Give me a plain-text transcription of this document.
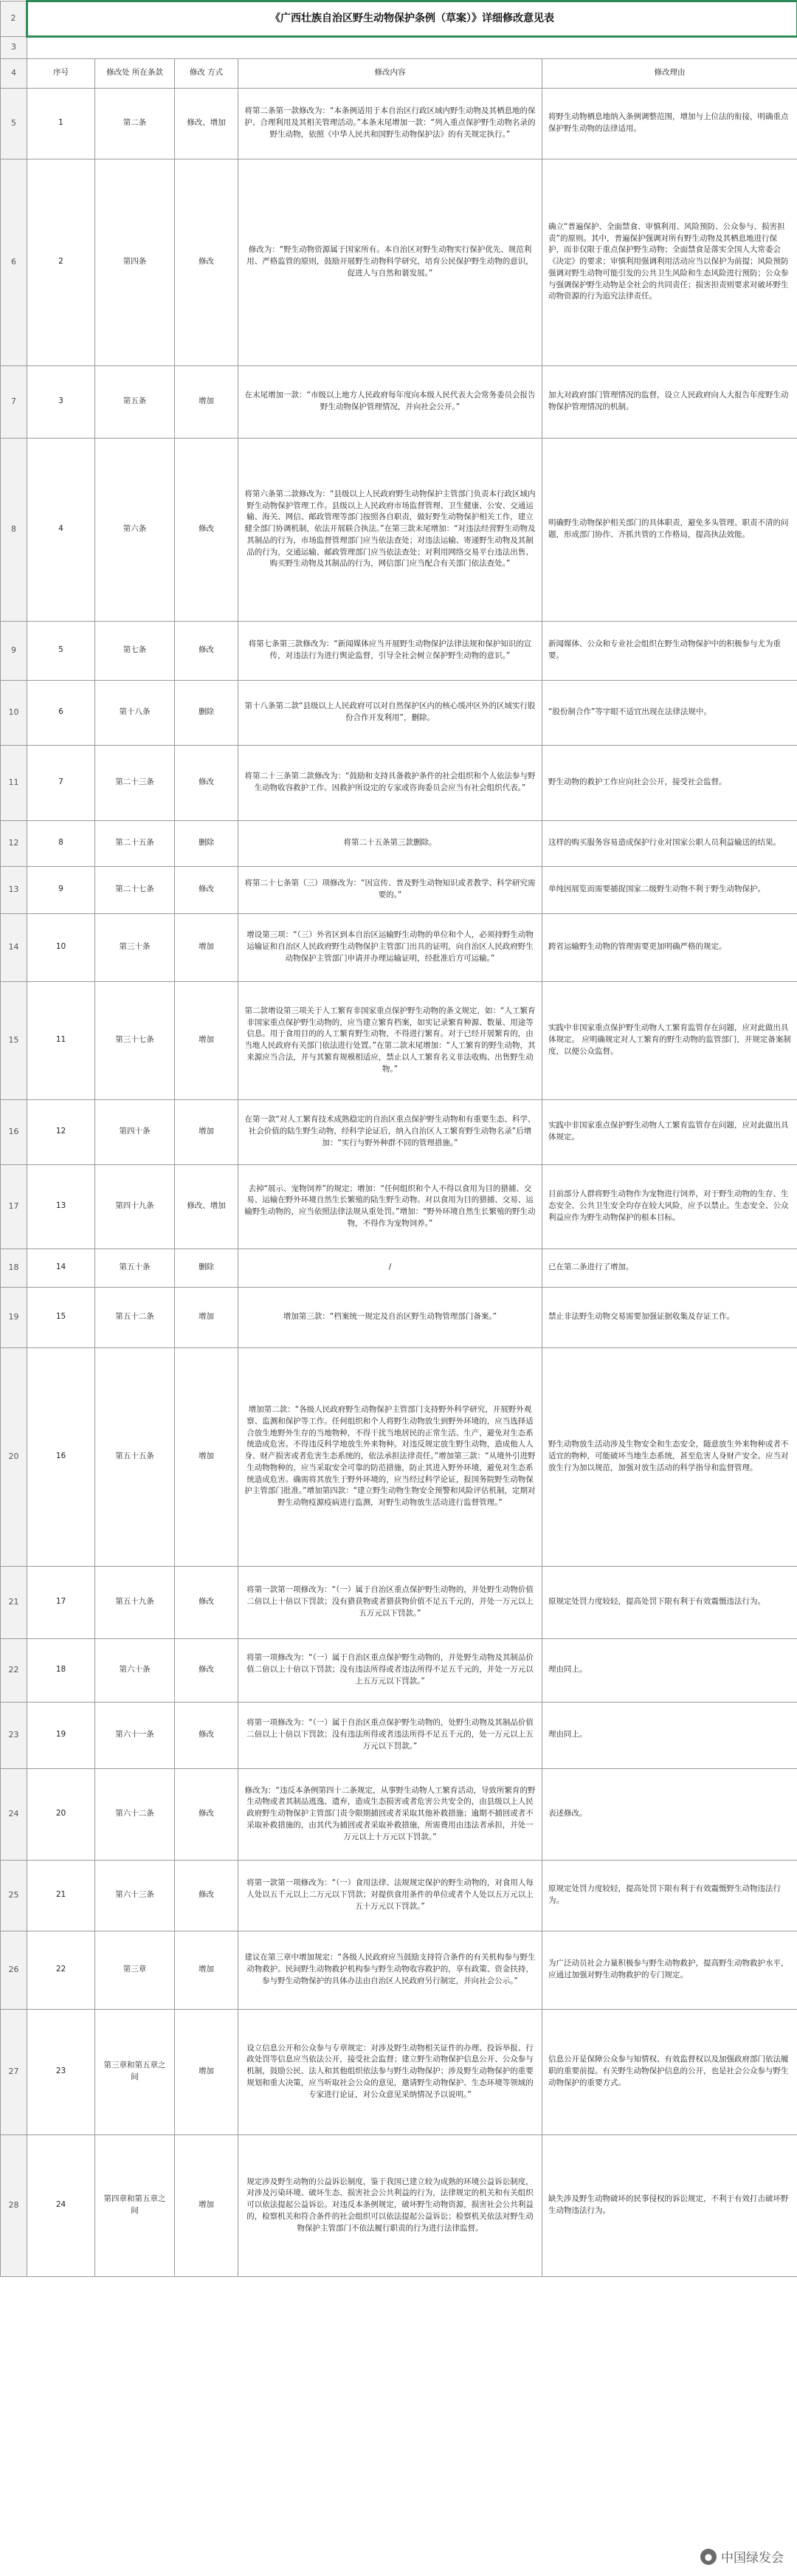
2	《广西壮族自治区野生动物保护条例（草案）》详细修改意见表				
3					
4	序号	修改处 所在条款	修改 方式	修改内容	修改理由
5	1	第二条	修改、增加	将第二条第一款修改为：“本条例适用于本自治区行政区域内野生动物及其栖息地的保护、合理利用及其相关管理活动。”本条末尾增加一款：“列入重点保护野生动物名录的野生动物，依照《中华人民共和国野生动物保护法》的有关规定执行。”	将野生动物栖息地纳入条例调整范围，增加与上位法的衔接，明确重点保护野生动物的法律适用。
6	2	第四条	修改	修改为：“野生动物资源属于国家所有。本自治区对野生动物实行保护优先、规范利用、严格监管的原则，鼓励开展野生动物科学研究，培育公民保护野生动物的意识，促进人与自然和谐发展。”	确立“普遍保护、全面禁食、审慎利用、风险预防、公众参与、损害担责”的原则。其中，普遍保护强调对所有野生动物及其栖息地进行保护，而非仅限于重点保护野生动物；全面禁食是落实全国人大常委会《决定》的要求；审慎利用强调利用活动应当以保护为前提；风险预防强调对野生动物可能引发的公共卫生风险和生态风险进行预防；公众参与强调保护野生动物是全社会的共同责任；损害担责则要求对破坏野生动物资源的行为追究法律责任。
7	3	第五条	增加	在末尾增加一款：“市级以上地方人民政府每年度向本级人民代表大会常务委员会报告野生动物保护管理情况，并向社会公开。”	加大对政府部门管理情况的监督，设立人民政府向人大报告年度野生动物保护管理情况的机制。
8	4	第六条	修改	将第六条第二款修改为：“县级以上人民政府野生动物保护主管部门负责本行政区域内野生动物保护管理工作。县级以上人民政府市场监督管理、卫生健康、公安、交通运输、海关、网信、邮政管理等部门按照各自职责，做好野生动物保护相关工作，建立健全部门协调机制，依法开展联合执法。”在第三款末尾增加：“对违法经营野生动物及其制品的行为，市场监督管理部门应当依法查处；对违法运输、寄递野生动物及其制品的行为，交通运输、邮政管理部门应当依法查处；对利用网络交易平台违法出售、购买野生动物及其制品的行为，网信部门应当配合有关部门依法查处。”	明确野生动物保护相关部门的具体职责，避免多头管理、职责不清的问题，形成部门协作、齐抓共管的工作格局，提高执法效能。
9	5	第七条	修改	将第七条第三款修改为：“新闻媒体应当开展野生动物保护法律法规和保护知识的宣传，对违法行为进行舆论监督，引导全社会树立保护野生动物的意识。”	新闻媒体、公众和专业社会组织在野生动物保护中的积极参与尤为重要。
10	6	第十八条	删除	第十八条第二款“县级以上人民政府可以对自然保护区内的核心缓冲区外的区域实行股份合作开发利用”，删除。	“股份制合作”等字眼不适宜出现在法律法规中。
11	7	第二十三条	修改	将第二十三条第二款修改为：“鼓励和支持具备救护条件的社会组织和个人依法参与野生动物收容救护工作。因救护所设定的专家或咨询委员会应当有社会组织代表。”	野生动物的救护工作应向社会公开，接受社会监督。
12	8	第二十五条	删除	将第二十五条第三款删除。	这样的购买服务容易造成保护行业对国家公职人员利益输送的结果。
13	9	第二十七条	修改	将第二十七条第（三）项修改为：“因宣传、普及野生动物知识或者教学、科学研究需要的。”	单纯因展览而需要捕捉国家二级野生动物不利于野生动物保护。
14	10	第三十条	增加	增设第三项：“（三）外省区到本自治区运输野生动物的单位和个人，必须持野生动物运输证和自治区人民政府野生动物保护主管部门出具的证明，向自治区人民政府野生动物保护主管部门申请并办理运输证明，经批准后方可运输。”	跨省运输野生动物的管理需要更加明确严格的规定。
15	11	第三十七条	增加	第二款增设第三项关于人工繁育非国家重点保护野生动物的条文规定，如：“人工繁育非国家重点保护野生动物的，应当建立繁育档案，如实记录繁育种源、数量、用途等信息。用于食用目的的人工繁育野生动物，不得进行繁育。对于已经开展繁育的，由当地人民政府有关部门依法进行处置。”在第二款末尾增加：“人工繁育的野生动物，其来源应当合法，并与其繁育规模相适应，禁止以人工繁育名义非法收购、出售野生动物。”	实践中非国家重点保护野生动物人工繁育监管存在问题，应对此做出具体规定。 应明确规定对人工繁育的野生动物的监管部门，并规定备案制度，以便公众监督。
16	12	第四十条	增加	在第一款“对人工繁育技术成熟稳定的自治区重点保护野生动物和有重要生态、科学、社会价值的陆生野生动物，经科学论证后，纳入自治区人工繁育野生动物名录”后增加：“实行与野外种群不同的管理措施。”	实践中非国家重点保护野生动物人工繁育监管存在问题，应对此做出具体规定。
17	13	第四十九条	修改、增加	去掉“展示、宠物饲养”的规定；增加：“任何组织和个人不得以食用为目的猎捕、交易、运输在野外环境自然生长繁殖的陆生野生动物。对以食用为目的猎捕、交易、运输野生动物的，应当依照法律法规从重处罚。”增加：“野外环境自然生长繁殖的野生动物，不得作为宠物饲养。”	目前部分人群将野生动物作为宠物进行饲养，对于野生动物的生存、生态安全、公共卫生安全均存在较大风险，应予以禁止。生态安全、公众利益应作为野生动物保护的根本目标。
18	14	第五十条	删除	/	已在第二条进行了增加。
19	15	第五十二条	增加	增加第三款：“档案统一规定及自治区野生动物管理部门备案。”	禁止非法野生动物交易需要加强证据收集及存证工作。
20	16	第五十五条	增加	增加第二款：“各级人民政府野生动物保护主管部门支持野外科学研究，开展野外观察、监测和保护等工作。任何组织和个人将野生动物放生到野外环境的，应当选择适合放生地野外生存的当地物种，不得干扰当地居民的正常生活、生产，避免对生态系统造成危害。不得违反科学地放生外来物种。对违反规定放生野生动物，造成他人人身、财产损害或者危害生态系统的，依法承担法律责任。”增加第三款：“从境外引进野生动物物种的，应当采取安全可靠的防范措施，防止其进入野外环境，避免对生态系统造成危害。确需将其放生于野外环境的，应当经过科学论证，报国务院野生动物保护主管部门批准。”增加第四款：“建立野生动物生物安全预警和风险评估机制，定期对野生动物疫源疫病进行监测，对野生动物放生活动进行监督管理。”	野生动物放生活动涉及生物安全和生态安全，随意放生外来物种或者不适宜的物种，可能破坏当地生态系统，甚至危害人身财产安全。应当对放生行为加以规范，加强对放生活动的科学指导和监督管理。
21	17	第五十九条	修改	将第一款第一项修改为：“（一）属于自治区重点保护野生动物的，并处野生动物价值二倍以上十倍以下罚款；没有猎获物或者猎获物价值不足五千元的，并处一万元以上五万元以下罚款。”	原规定处罚力度较轻，提高处罚下限有利于有效震慑违法行为。
22	18	第六十条	修改	将第一项修改为：“（一）属于自治区重点保护野生动物的，并处野生动物及其制品价值二倍以上十倍以下罚款；没有违法所得或者违法所得不足五千元的，并处一万元以上五万元以下罚款。”	理由同上。
23	19	第六十一条	修改	将第一项修改为：“（一）属于自治区重点保护野生动物的，处野生动物及其制品价值二倍以上十倍以下罚款；没有违法所得或者违法所得不足五千元的，处一万元以上五万元以下罚款。”	理由同上。
24	20	第六十二条	修改	修改为：“违反本条例第四十二条规定，从事野生动物人工繁育活动，导致所繁育的野生动物或者其制品逃逸、遗弃，造成生态损害或者危害公共安全的，由县级以上人民政府野生动物保护主管部门责令限期捕回或者采取其他补救措施；逾期不捕回或者不采取补救措施的，由其代为捕回或者采取补救措施，所需费用由违法者承担，并处一万元以上十万元以下罚款。”	表述修改。
25	21	第六十三条	修改	将第一款第一项修改为：“（一）食用法律、法规规定保护的野生动物的，对食用人每人处以五千元以上二万元以下罚款；对提供食用条件的单位或者个人处以五万元以上五十万元以下罚款。”	原规定处罚力度较轻，提高处罚下限有利于有效震慑野生动物违法行为。
26	22	第三章	增加	建议在第三章中增加规定：“各级人民政府应当鼓励支持符合条件的有关机构参与野生动物救护。民间野生动物救护机构参与野生动物收容救护的，享有政策、资金扶持，参与野生动物保护的具体办法由自治区人民政府另行制定，并向社会公示。”	为广泛动员社会力量积极参与野生动物救护，提高野生动物救护水平，应通过加强对野生动物救护的专门规定。
27	23	第三章和第五章之间	增加	设立信息公开和公众参与专章规定：对涉及野生动物相关证件的办理、投诉举报、行政处罚等信息应当依法公开，接受社会监督；建立野生动物保护信息公开、公众参与机制，鼓励公民、法人和其他组织依法参与野生动物保护；涉及野生动物保护的重要规划和重大决策，应当听取社会公众的意见，邀请野生动物保护、生态环境等领域的专家进行论证，对公众意见采纳情况予以说明。”	信息公开是保障公众参与知情权、有效监督权以及加强政府部门依法履职的重要前提。有关野生动物保护信息的公开，也是社会公众参与野生动物保护的重要方式。
28	24	第四章和第五章之间	增加	规定涉及野生动物的公益诉讼制度，鉴于我国已建立较为成熟的环境公益诉讼制度，对涉及污染环境、破坏生态、损害社会公共利益的行为，法律规定的机关和有关组织可以依法提起公益诉讼。对违反本条例规定，破坏野生动物资源，损害社会公共利益的，检察机关和符合条件的社会组织可以依法提起公益诉讼；检察机关依法对野生动物保护主管部门不依法履行职责的行为进行法律监督。	缺失涉及野生动物破坏的民事侵权的诉讼规定，不利于有效打击破坏野生动物违法行为。
● 中国绿发会
